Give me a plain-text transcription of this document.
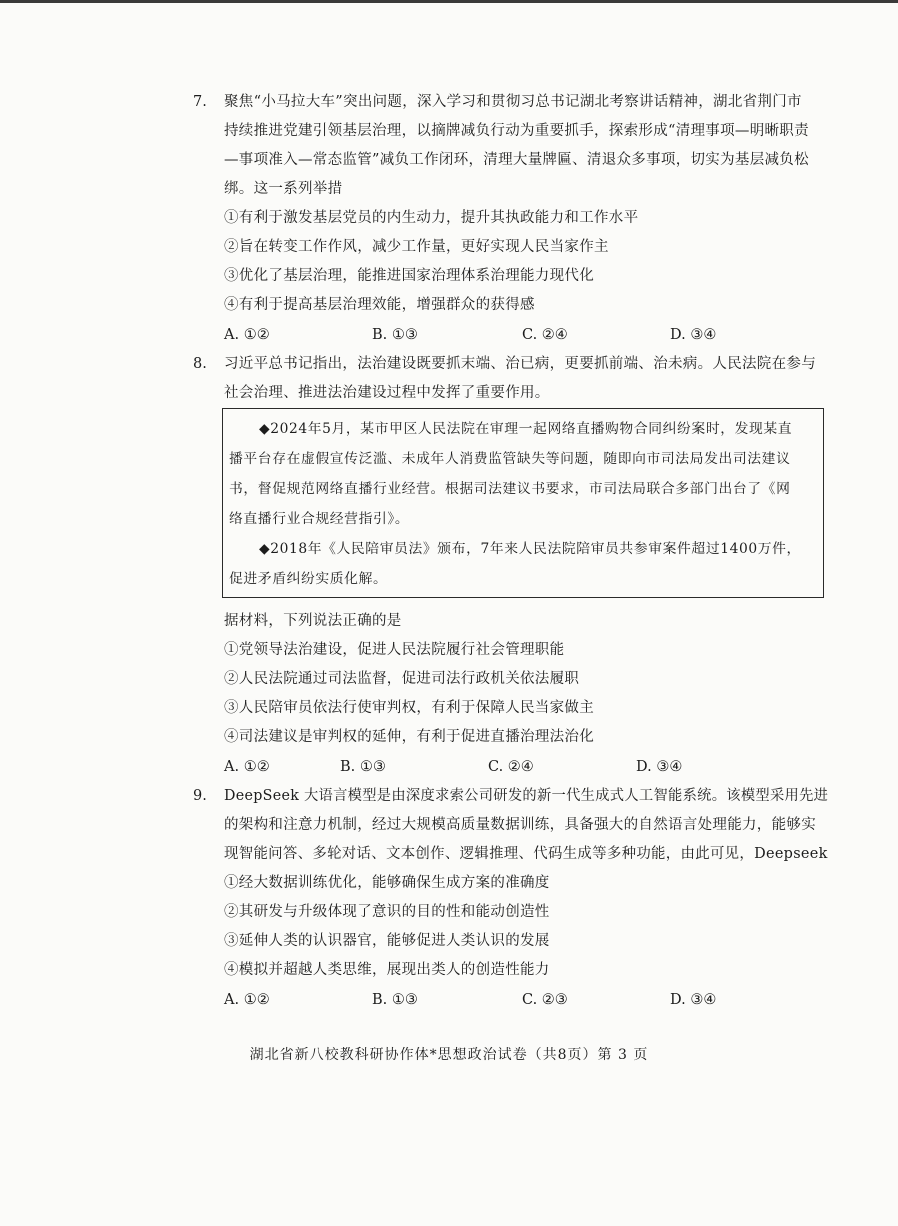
7. 聚焦“小马拉大车”突出问题，深入学习和贯彻习总书记湖北考察讲话精神，湖北省荆门市
持续推进党建引领基层治理，以摘牌减负行动为重要抓手，探索形成“清理事项—明晰职责
—事项准入—常态监管”减负工作闭环，清理大量牌匾、清退众多事项，切实为基层减负松
绑。这一系列举措
①有利于激发基层党员的内生动力，提升其执政能力和工作水平
②旨在转变工作作风，减少工作量，更好实现人民当家作主
③优化了基层治理，能推进国家治理体系治理能力现代化
④有利于提高基层治理效能，增强群众的获得感
A. ①②	B. ①③	C. ②④	D. ③④
8. 习近平总书记指出，法治建设既要抓末端、治已病，更要抓前端、治未病。人民法院在参与
社会治理、推进法治建设过程中发挥了重要作用。
◆2024年5月，某市甲区人民法院在审理一起网络直播购物合同纠纷案时，发现某直
播平台存在虚假宣传泛滥、未成年人消费监管缺失等问题，随即向市司法局发出司法建议
书，督促规范网络直播行业经营。根据司法建议书要求，市司法局联合多部门出台了《网
络直播行业合规经营指引》。
◆2018年《人民陪审员法》颁布，7年来人民法院陪审员共参审案件超过1400万件，
促进矛盾纠纷实质化解。
据材料，下列说法正确的是
①党领导法治建设，促进人民法院履行社会管理职能
②人民法院通过司法监督，促进司法行政机关依法履职
③人民陪审员依法行使审判权，有利于保障人民当家做主
④司法建议是审判权的延伸，有利于促进直播治理法治化
A. ①②	B. ①③	C. ②④	D. ③④
9. DeepSeek 大语言模型是由深度求索公司研发的新一代生成式人工智能系统。该模型采用先进
的架构和注意力机制，经过大规模高质量数据训练，具备强大的自然语言处理能力，能够实
现智能问答、多轮对话、文本创作、逻辑推理、代码生成等多种功能，由此可见，Deepseek
①经大数据训练优化，能够确保生成方案的准确度
②其研发与升级体现了意识的目的性和能动创造性
③延伸人类的认识器官，能够促进人类认识的发展
④模拟并超越人类思维，展现出类人的创造性能力
A. ①②	B. ①③	C. ②③	D. ③④
湖北省新八校教科研协作体*思想政治试卷（共8页）第 3 页
